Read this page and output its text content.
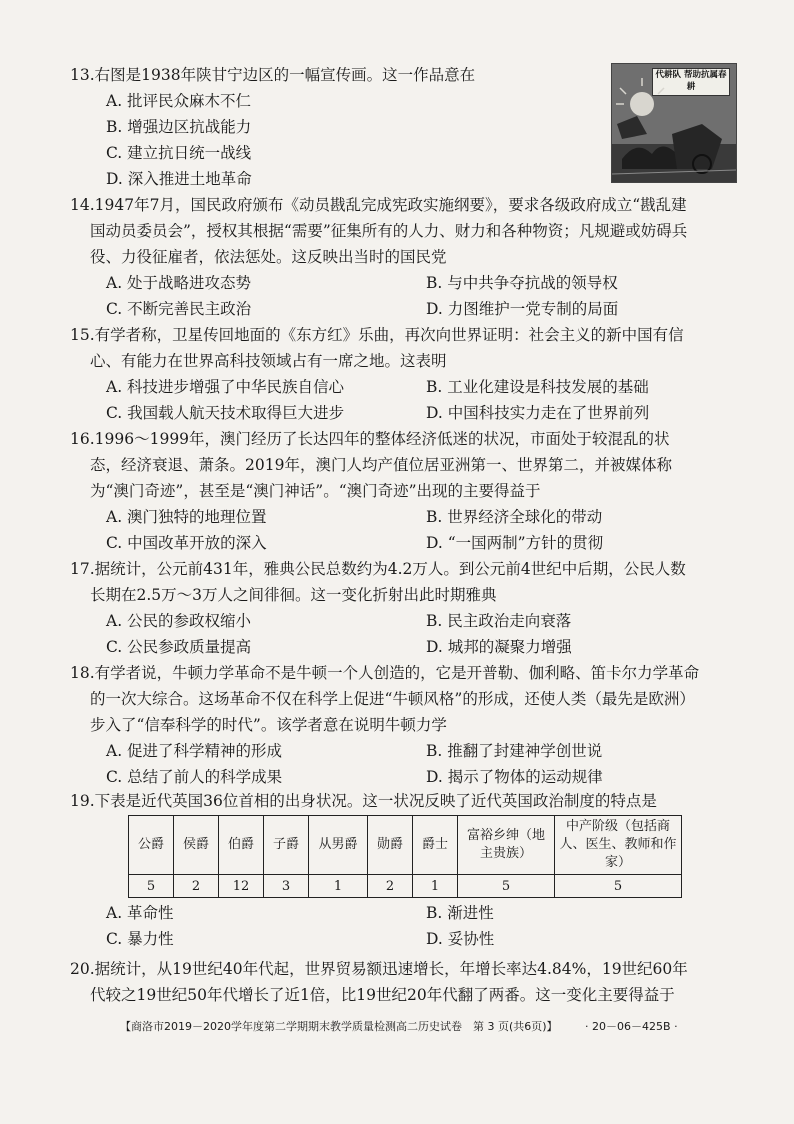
13.右图是1938年陕甘宁边区的一幅宣传画。这一作品意在

A. 批评民众麻木不仁
B. 增强边区抗战能力
C. 建立抗日统一战线
D. 深入推进土地革命
代耕队 帮助抗属春耕

14.1947年7月，国民政府颁布《动员戡乱完成宪政实施纲要》，要求各级政府成立“戡乱建国动员委员会”，授权其根据“需要”征集所有的人力、财力和各种物资；凡规避或妨碍兵役、力役征雇者，依法惩处。这反映出当时的国民党

A. 处于战略进攻态势	B. 与中共争夺抗战的领导权
C. 不断完善民主政治	D. 力图维护一党专制的局面

15.有学者称，卫星传回地面的《东方红》乐曲，再次向世界证明：社会主义的新中国有信心、有能力在世界高科技领域占有一席之地。这表明

A. 科技进步增强了中华民族自信心	B. 工业化建设是科技发展的基础
C. 我国载人航天技术取得巨大进步	D. 中国科技实力走在了世界前列

16.1996～1999年，澳门经历了长达四年的整体经济低迷的状况，市面处于较混乱的状态，经济衰退、萧条。2019年，澳门人均产值位居亚洲第一、世界第二，并被媒体称为“澳门奇迹”，甚至是“澳门神话”。“澳门奇迹”出现的主要得益于

A. 澳门独特的地理位置	B. 世界经济全球化的带动
C. 中国改革开放的深入	D. “一国两制”方针的贯彻

17.据统计，公元前431年，雅典公民总数约为4.2万人。到公元前4世纪中后期，公民人数长期在2.5万～3万人之间徘徊。这一变化折射出此时期雅典

A. 公民的参政权缩小	B. 民主政治走向衰落
C. 公民参政质量提高	D. 城邦的凝聚力增强

18.有学者说，牛顿力学革命不是牛顿一个人创造的，它是开普勒、伽利略、笛卡尔力学革命的一次大综合。这场革命不仅在科学上促进“牛顿风格”的形成，还使人类（最先是欧洲）步入了“信奉科学的时代”。该学者意在说明牛顿力学

A. 促进了科学精神的形成	B. 推翻了封建神学创世说
C. 总结了前人的科学成果	D. 揭示了物体的运动规律

19.下表是近代英国36位首相的出身状况。这一状况反映了近代英国政治制度的特点是

公爵	侯爵	伯爵	子爵	从男爵	勋爵	爵士	富裕乡绅（地主贵族）	中产阶级（包括商人、医生、教师和作家）
5	2	12	3	1	2	1	5	5
A. 革命性	B. 渐进性
C. 暴力性	D. 妥协性

20.据统计，从19世纪40年代起，世界贸易额迅速增长，年增长率达4.84%，19世纪60年代较之19世纪50年代增长了近1倍，比19世纪20年代翻了两番。这一变化主要得益于

【商洛市2019－2020学年度第二学期期末教学质量检测高二历史试卷　第 3 页(共6页)】　　　· 20－06－425B ·
